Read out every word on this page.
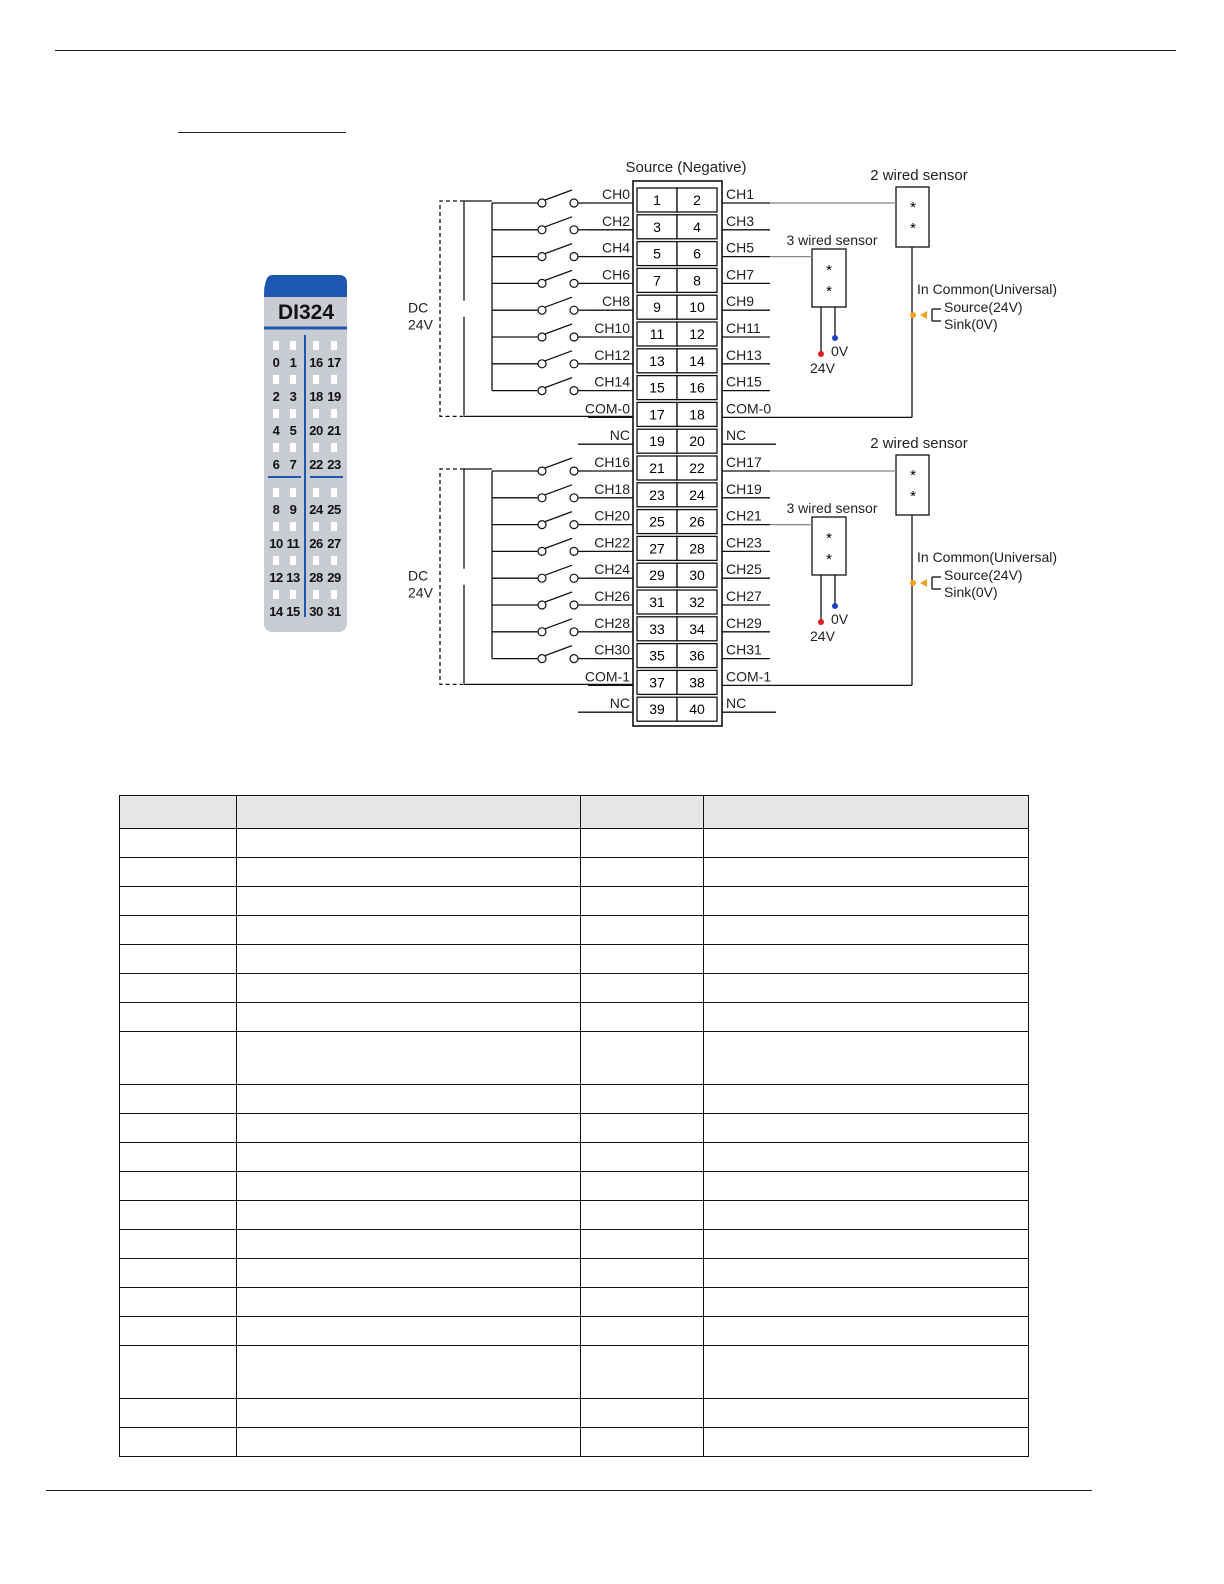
DI324
0 1 16 17
2 3 18 19
4 5 20 21
6 7 22 23
8 9 24 25
10 11 26 27
12 13 28 29
14 15 30 31
Source (Negative)
1 2
CH0	CH1
3 4
CH2	CH3
5 6
CH4	CH5
7 8
CH6	CH7
9 10
CH8	CH9
11 12
CH10	CH11
13 14
CH12	CH13
15 16
CH14	CH15
17 18
COM-0	COM-0
19 20
NC	NC
21 22
CH16	CH17
23 24
CH18	CH19
25 26
CH20	CH21
27 28
CH22	CH23
29 30
CH24	CH25
31 32
CH26	CH27
33 34
CH28	CH29
35 36
CH30	CH31
37 38
COM-1	COM-1
39 40
NC	NC
DC
24V
DC
24V
2 wired sensor
*
*
3 wired sensor
*
*
0V
24V
In Common(Universal)
Source(24V)
Sink(0V)
2 wired sensor
*
*
3 wired sensor
*
*
0V
24V
In Common(Universal)
Source(24V)
Sink(0V)
